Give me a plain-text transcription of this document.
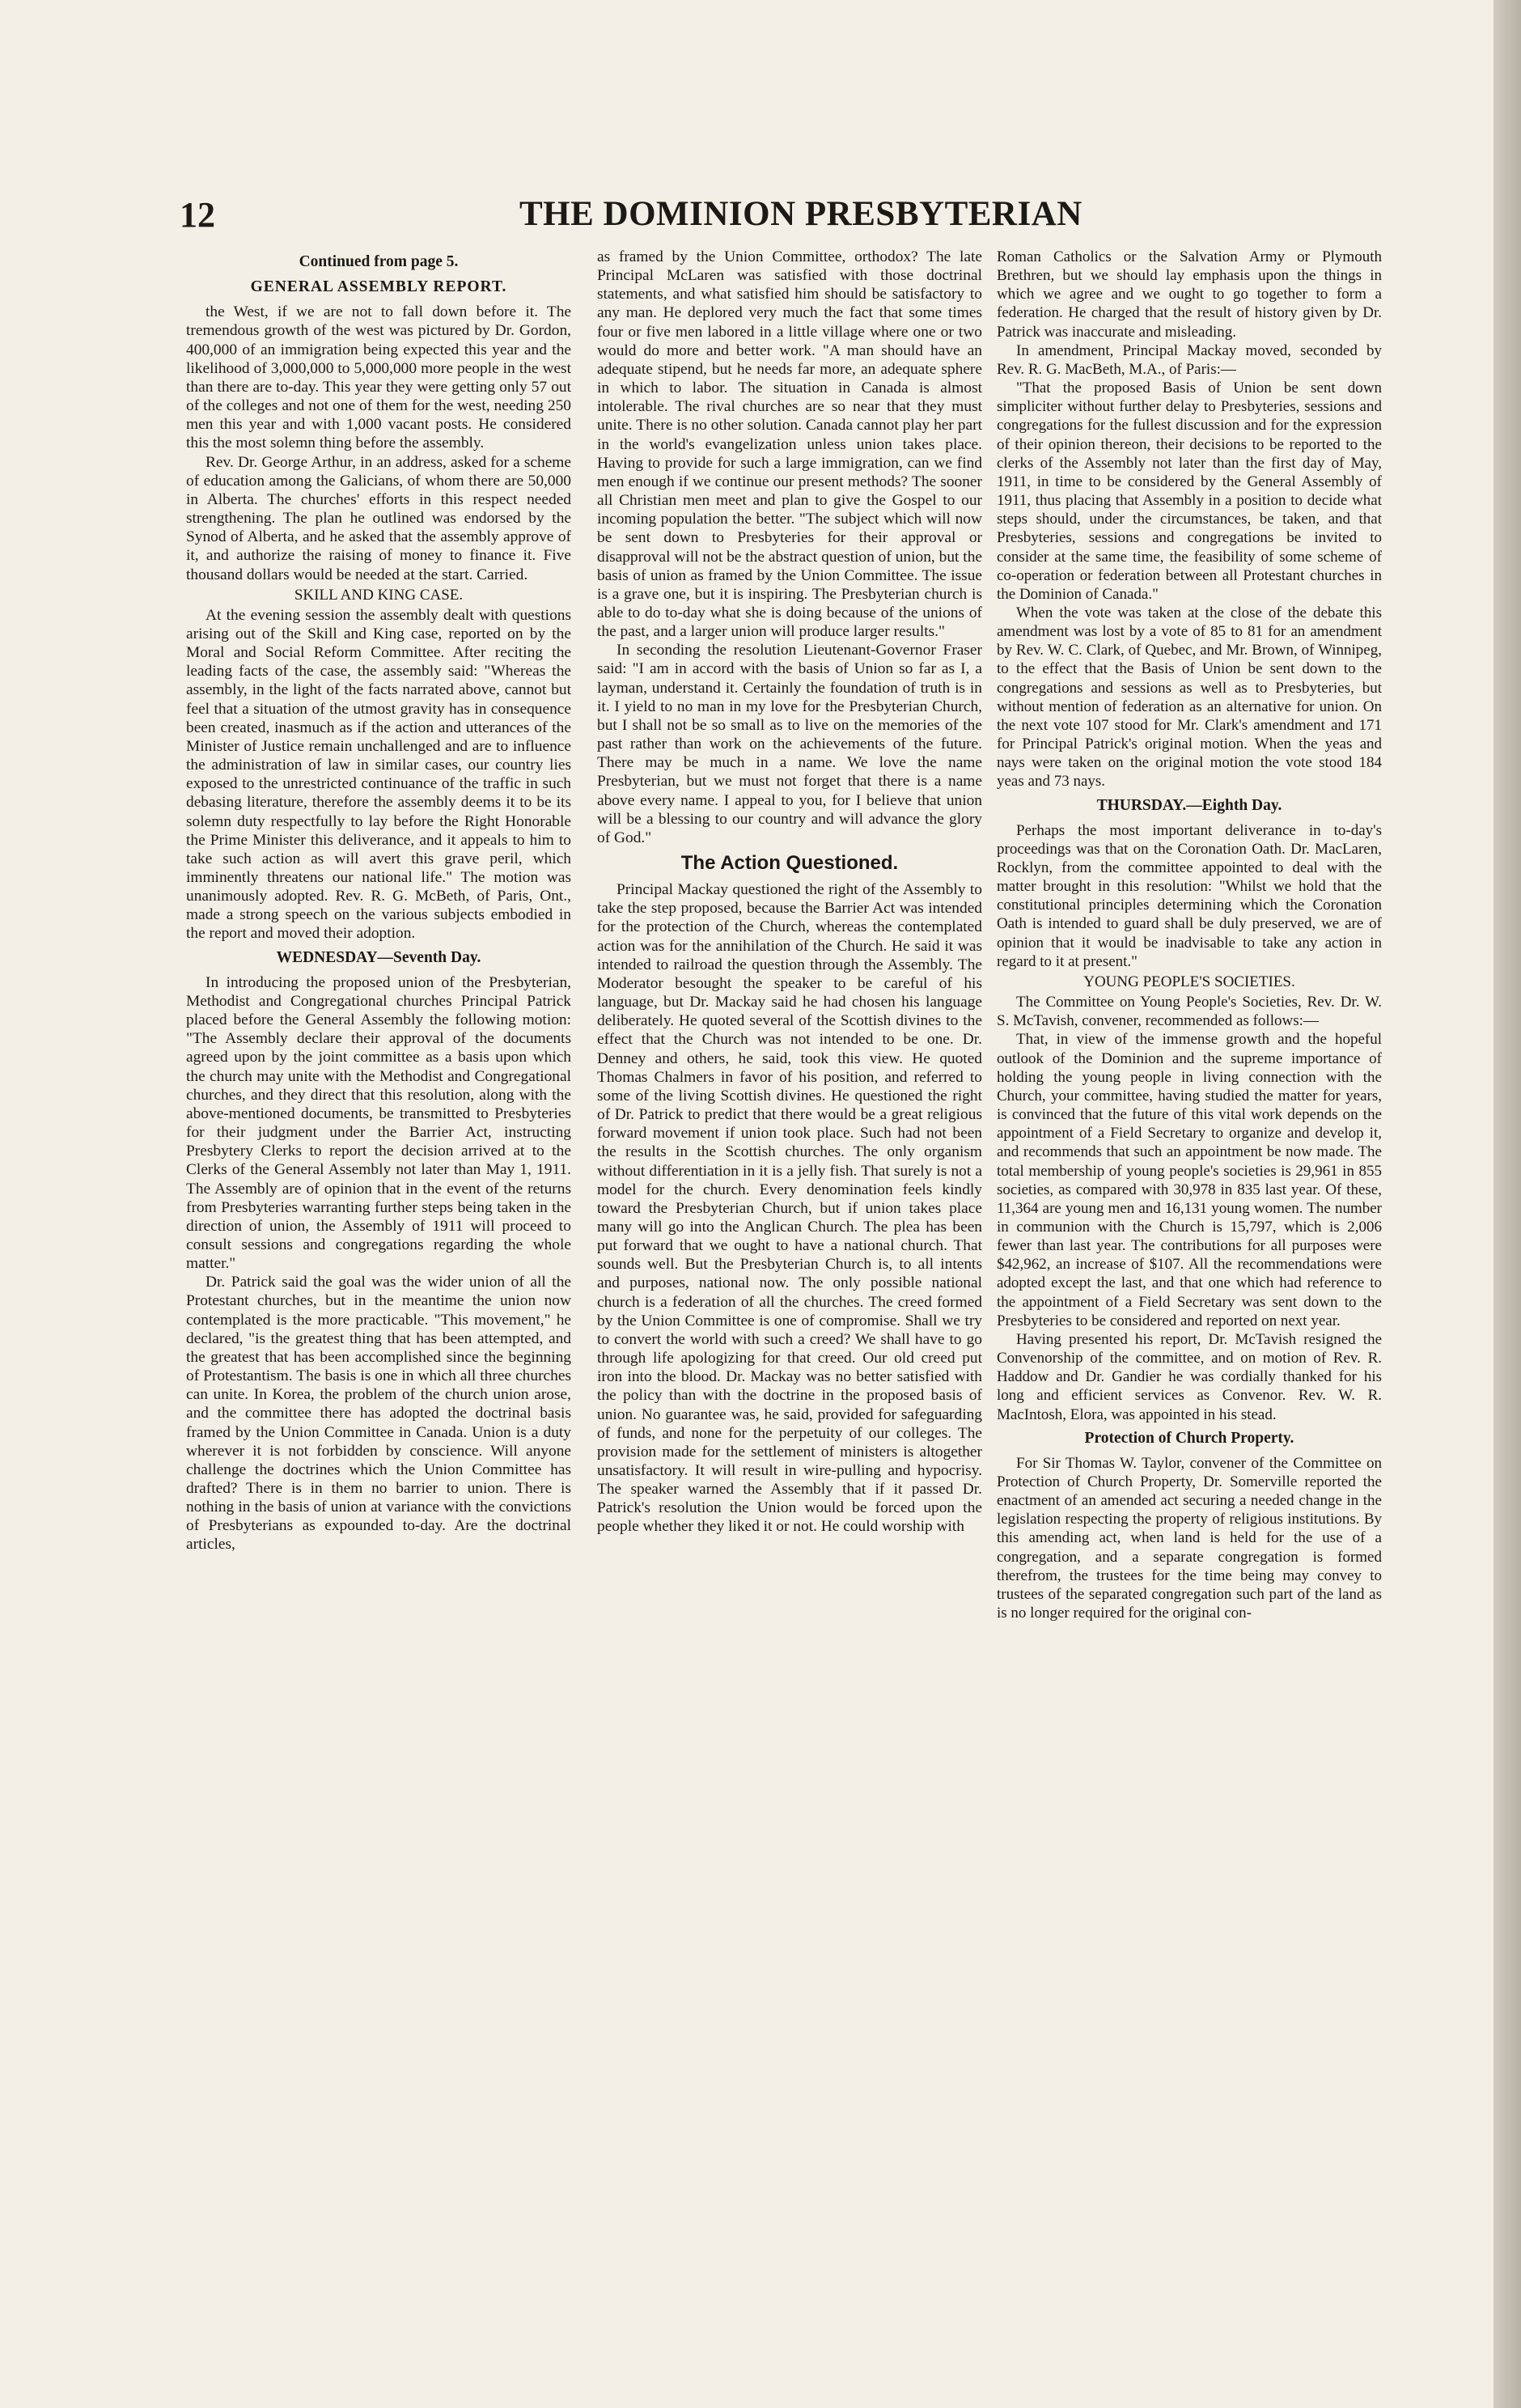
12	THE DOMINION PRESBYTERIAN

Continued from page 5.

GENERAL ASSEMBLY REPORT.

the West, if we are not to fall down before it. The tremendous growth of the west was pictured by Dr. Gordon, 400,000 of an immigration being expected this year and the likelihood of 3,000,000 to 5,000,000 more people in the west than there are to-day. This year they were getting only 57 out of the colleges and not one of them for the west, needing 250 men this year and with 1,000 vacant posts. He considered this the most solemn thing before the assembly.

Rev. Dr. George Arthur, in an address, asked for a scheme of education among the Galicians, of whom there are 50,000 in Alberta. The churches' efforts in this respect needed strengthening. The plan he outlined was endorsed by the Synod of Alberta, and he asked that the assembly approve of it, and authorize the raising of money to finance it. Five thousand dollars would be needed at the start. Carried.

SKILL AND KING CASE.

At the evening session the assembly dealt with questions arising out of the Skill and King case, reported on by the Moral and Social Reform Committee. After reciting the leading facts of the case, the assembly said: "Whereas the assembly, in the light of the facts narrated above, cannot but feel that a situation of the utmost gravity has in consequence been created, inasmuch as if the action and utterances of the Minister of Justice remain unchallenged and are to influence the administration of law in similar cases, our country lies exposed to the unrestricted continuance of the traffic in such debasing literature, therefore the assembly deems it to be its solemn duty respectfully to lay before the Right Honorable the Prime Minister this deliverance, and it appeals to him to take such action as will avert this grave peril, which imminently threatens our national life." The motion was unanimously adopted. Rev. R. G. McBeth, of Paris, Ont., made a strong speech on the various subjects embodied in the report and moved their adoption.

WEDNESDAY—Seventh Day.

In introducing the proposed union of the Presbyterian, Methodist and Congregational churches Principal Patrick placed before the General Assembly the following motion: "The Assembly declare their approval of the documents agreed upon by the joint committee as a basis upon which the church may unite with the Methodist and Congregational churches, and they direct that this resolution, along with the above-mentioned documents, be transmitted to Presbyteries for their judgment under the Barrier Act, instructing Presbytery Clerks to report the decision arrived at to the Clerks of the General Assembly not later than May 1, 1911. The Assembly are of opinion that in the event of the returns from Presbyteries warranting further steps being taken in the direction of union, the Assembly of 1911 will proceed to consult sessions and congregations regarding the whole matter."

Dr. Patrick said the goal was the wider union of all the Protestant churches, but in the meantime the union now contemplated is the more practicable. "This movement," he declared, "is the greatest thing that has been attempted, and the greatest that has been accomplished since the beginning of Protestantism. The basis is one in which all three churches can unite. In Korea, the problem of the church union arose, and the committee there has adopted the doctrinal basis framed by the Union Committee in Canada. Union is a duty wherever it is not forbidden by conscience. Will anyone challenge the doctrines which the Union Committee has drafted? There is in them no barrier to union. There is nothing in the basis of union at variance with the convictions of Presbyterians as expounded to-day. Are the doctrinal articles,

as framed by the Union Committee, orthodox? The late Principal McLaren was satisfied with those doctrinal statements, and what satisfied him should be satisfactory to any man. He deplored very much the fact that some times four or five men labored in a little village where one or two would do more and better work. "A man should have an adequate stipend, but he needs far more, an adequate sphere in which to labor. The situation in Canada is almost intolerable. The rival churches are so near that they must unite. There is no other solution. Canada cannot play her part in the world's evangelization unless union takes place. Having to provide for such a large immigration, can we find men enough if we continue our present methods? The sooner all Christian men meet and plan to give the Gospel to our incoming population the better. "The subject which will now be sent down to Presbyteries for their approval or disapproval will not be the abstract question of union, but the basis of union as framed by the Union Committee. The issue is a grave one, but it is inspiring. The Presbyterian church is able to do to-day what she is doing because of the unions of the past, and a larger union will produce larger results."

In seconding the resolution Lieutenant-Governor Fraser said: "I am in accord with the basis of Union so far as I, a layman, understand it. Certainly the foundation of truth is in it. I yield to no man in my love for the Presbyterian Church, but I shall not be so small as to live on the memories of the past rather than work on the achievements of the future. There may be much in a name. We love the name Presbyterian, but we must not forget that there is a name above every name. I appeal to you, for I believe that union will be a blessing to our country and will advance the glory of God."

The Action Questioned.

Principal Mackay questioned the right of the Assembly to take the step proposed, because the Barrier Act was intended for the protection of the Church, whereas the contemplated action was for the annihilation of the Church. He said it was intended to railroad the question through the Assembly. The Moderator besought the speaker to be careful of his language, but Dr. Mackay said he had chosen his language deliberately. He quoted several of the Scottish divines to the effect that the Church was not intended to be one. Dr. Denney and others, he said, took this view. He quoted Thomas Chalmers in favor of his position, and referred to some of the living Scottish divines. He questioned the right of Dr. Patrick to predict that there would be a great religious forward movement if union took place. Such had not been the results in the Scottish churches. The only organism without differentiation in it is a jelly fish. That surely is not a model for the church. Every denomination feels kindly toward the Presbyterian Church, but if union takes place many will go into the Anglican Church. The plea has been put forward that we ought to have a national church. That sounds well. But the Presbyterian Church is, to all intents and purposes, national now. The only possible national church is a federation of all the churches. The creed formed by the Union Committee is one of compromise. Shall we try to convert the world with such a creed? We shall have to go through life apologizing for that creed. Our old creed put iron into the blood. Dr. Mackay was no better satisfied with the policy than with the doctrine in the proposed basis of union. No guarantee was, he said, provided for safeguarding of funds, and none for the perpetuity of our colleges. The provision made for the settlement of ministers is altogether unsatisfactory. It will result in wire-pulling and hypocrisy. The speaker warned the Assembly that if it passed Dr. Patrick's resolution the Union would be forced upon the people whether they liked it or not. He could worship with

Roman Catholics or the Salvation Army or Plymouth Brethren, but we should lay emphasis upon the things in which we agree and we ought to go together to form a federation. He charged that the result of history given by Dr. Patrick was inaccurate and misleading.

In amendment, Principal Mackay moved, seconded by Rev. R. G. MacBeth, M.A., of Paris:—

"That the proposed Basis of Union be sent down simpliciter without further delay to Presbyteries, sessions and congregations for the fullest discussion and for the expression of their opinion thereon, their decisions to be reported to the clerks of the Assembly not later than the first day of May, 1911, in time to be considered by the General Assembly of 1911, thus placing that Assembly in a position to decide what steps should, under the circumstances, be taken, and that Presbyteries, sessions and congregations be invited to consider at the same time, the feasibility of some scheme of co-operation or federation between all Protestant churches in the Dominion of Canada."

When the vote was taken at the close of the debate this amendment was lost by a vote of 85 to 81 for an amendment by Rev. W. C. Clark, of Quebec, and Mr. Brown, of Winnipeg, to the effect that the Basis of Union be sent down to the congregations and sessions as well as to Presbyteries, but without mention of federation as an alternative for union. On the next vote 107 stood for Mr. Clark's amendment and 171 for Principal Patrick's original motion. When the yeas and nays were taken on the original motion the vote stood 184 yeas and 73 nays.

THURSDAY.—Eighth Day.

Perhaps the most important deliverance in to-day's proceedings was that on the Coronation Oath. Dr. MacLaren, Rocklyn, from the committee appointed to deal with the matter brought in this resolution: "Whilst we hold that the constitutional principles determining which the Coronation Oath is intended to guard shall be duly preserved, we are of opinion that it would be inadvisable to take any action in regard to it at present."

YOUNG PEOPLE'S SOCIETIES.

The Committee on Young People's Societies, Rev. Dr. W. S. McTavish, convener, recommended as follows:—

That, in view of the immense growth and the hopeful outlook of the Dominion and the supreme importance of holding the young people in living connection with the Church, your committee, having studied the matter for years, is convinced that the future of this vital work depends on the appointment of a Field Secretary to organize and develop it, and recommends that such an appointment be now made. The total membership of young people's societies is 29,961 in 855 societies, as compared with 30,978 in 835 last year. Of these, 11,364 are young men and 16,131 young women. The number in communion with the Church is 15,797, which is 2,006 fewer than last year. The contributions for all purposes were $42,962, an increase of $107. All the recommendations were adopted except the last, and that one which had reference to the appointment of a Field Secretary was sent down to the Presbyteries to be considered and reported on next year.

Having presented his report, Dr. McTavish resigned the Convenorship of the committee, and on motion of Rev. R. Haddow and Dr. Gandier he was cordially thanked for his long and efficient services as Convenor. Rev. W. R. MacIntosh, Elora, was appointed in his stead.

Protection of Church Property.

For Sir Thomas W. Taylor, convener of the Committee on Protection of Church Property, Dr. Somerville reported the enactment of an amended act securing a needed change in the legislation respecting the property of religious institutions. By this amending act, when land is held for the use of a congregation, and a separate congregation is formed therefrom, the trustees for the time being may convey to trustees of the separated congregation such part of the land as is no longer required for the original con-
